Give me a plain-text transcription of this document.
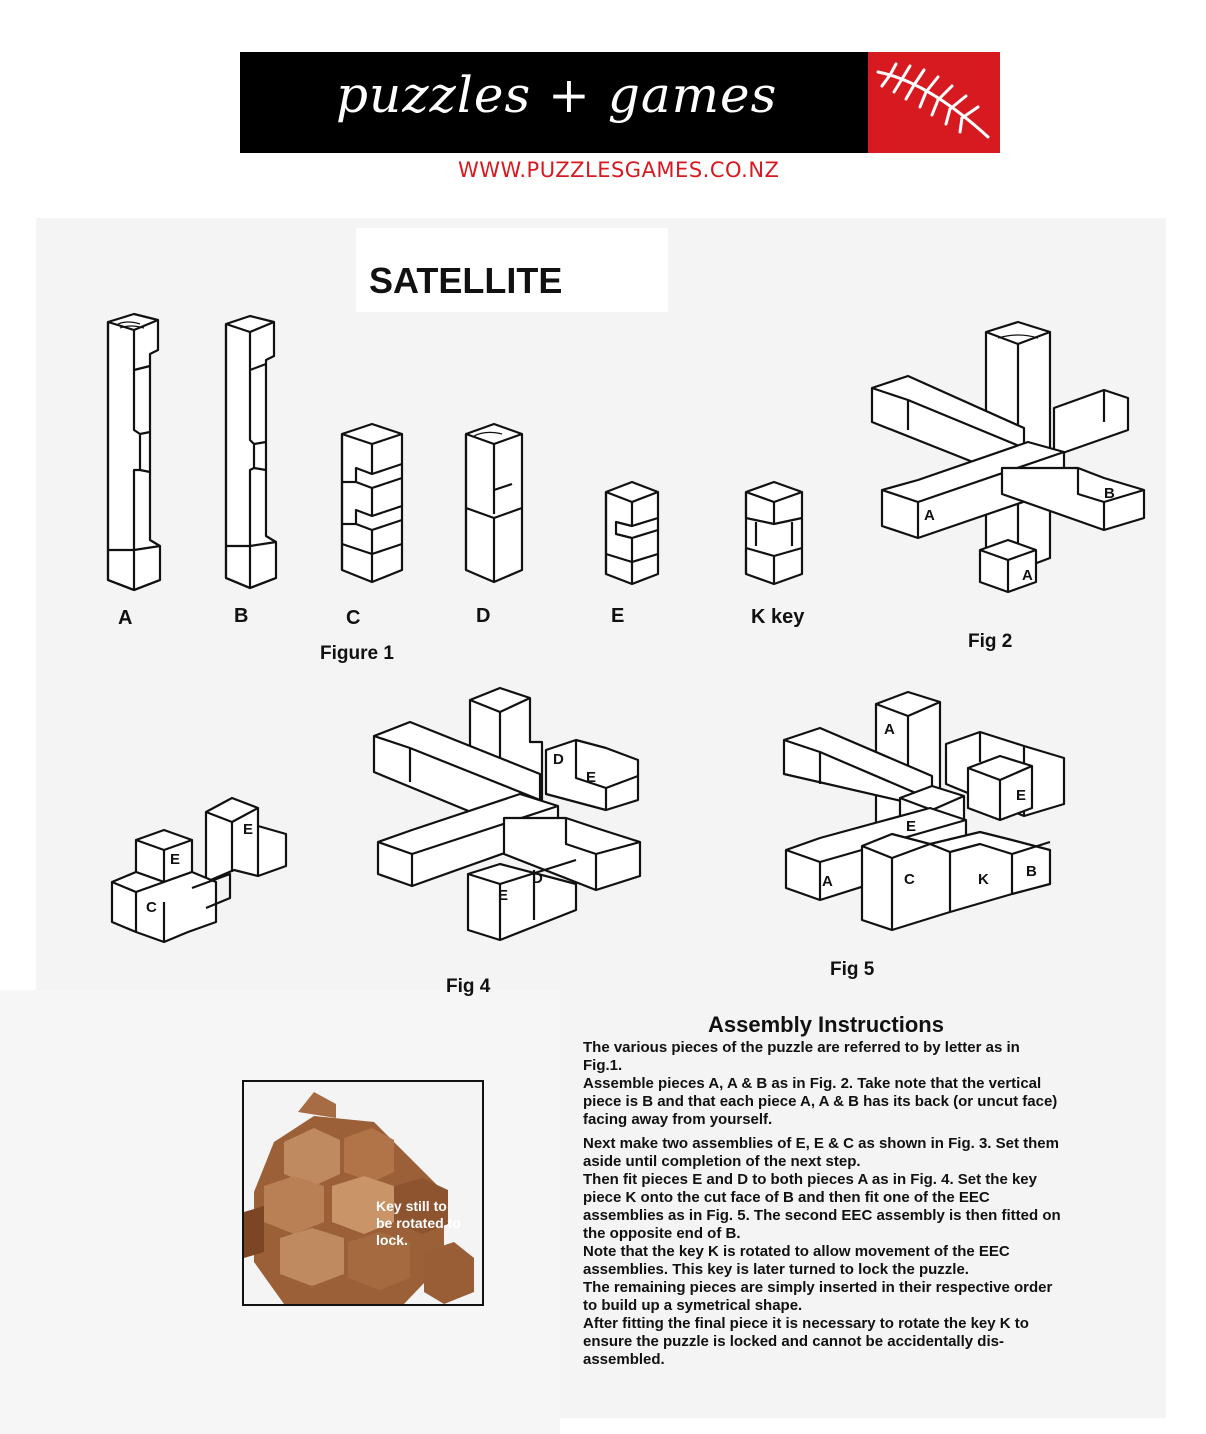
puzzles + games
WWW.PUZZLESGAMES.CO.NZ
SATELLITE
A	B	C	D	E	K key
Figure 1
A
B
A
Fig 2
E
E
C
D
E
D
E
Fig 4
A
E
E
A	C	K B
Fig 5
Key still to be rotated to lock.
Assembly Instructions

The various pieces of the puzzle are referred to by letter as in Fig.1.

Assemble pieces A, A & B as in Fig. 2. Take note that the vertical piece is B and that each piece A, A & B has its back (or uncut face) facing away from yourself.

Next make two assemblies of E, E & C as shown in Fig. 3. Set them aside until completion of the next step.

Then fit pieces E and D to both pieces A as in Fig. 4. Set the key piece K onto the cut face of B and then fit one of the EEC assemblies as in Fig. 5. The second EEC assembly is then fitted on the opposite end of B.

Note that the key K is rotated to allow movement of the EEC assemblies. This key is later turned to lock the puzzle.

The remaining pieces are simply inserted in their respective order to build up a symetrical shape.

After fitting the final piece it is necessary to rotate the key K to ensure the puzzle is locked and cannot be accidentally dis-assembled.
